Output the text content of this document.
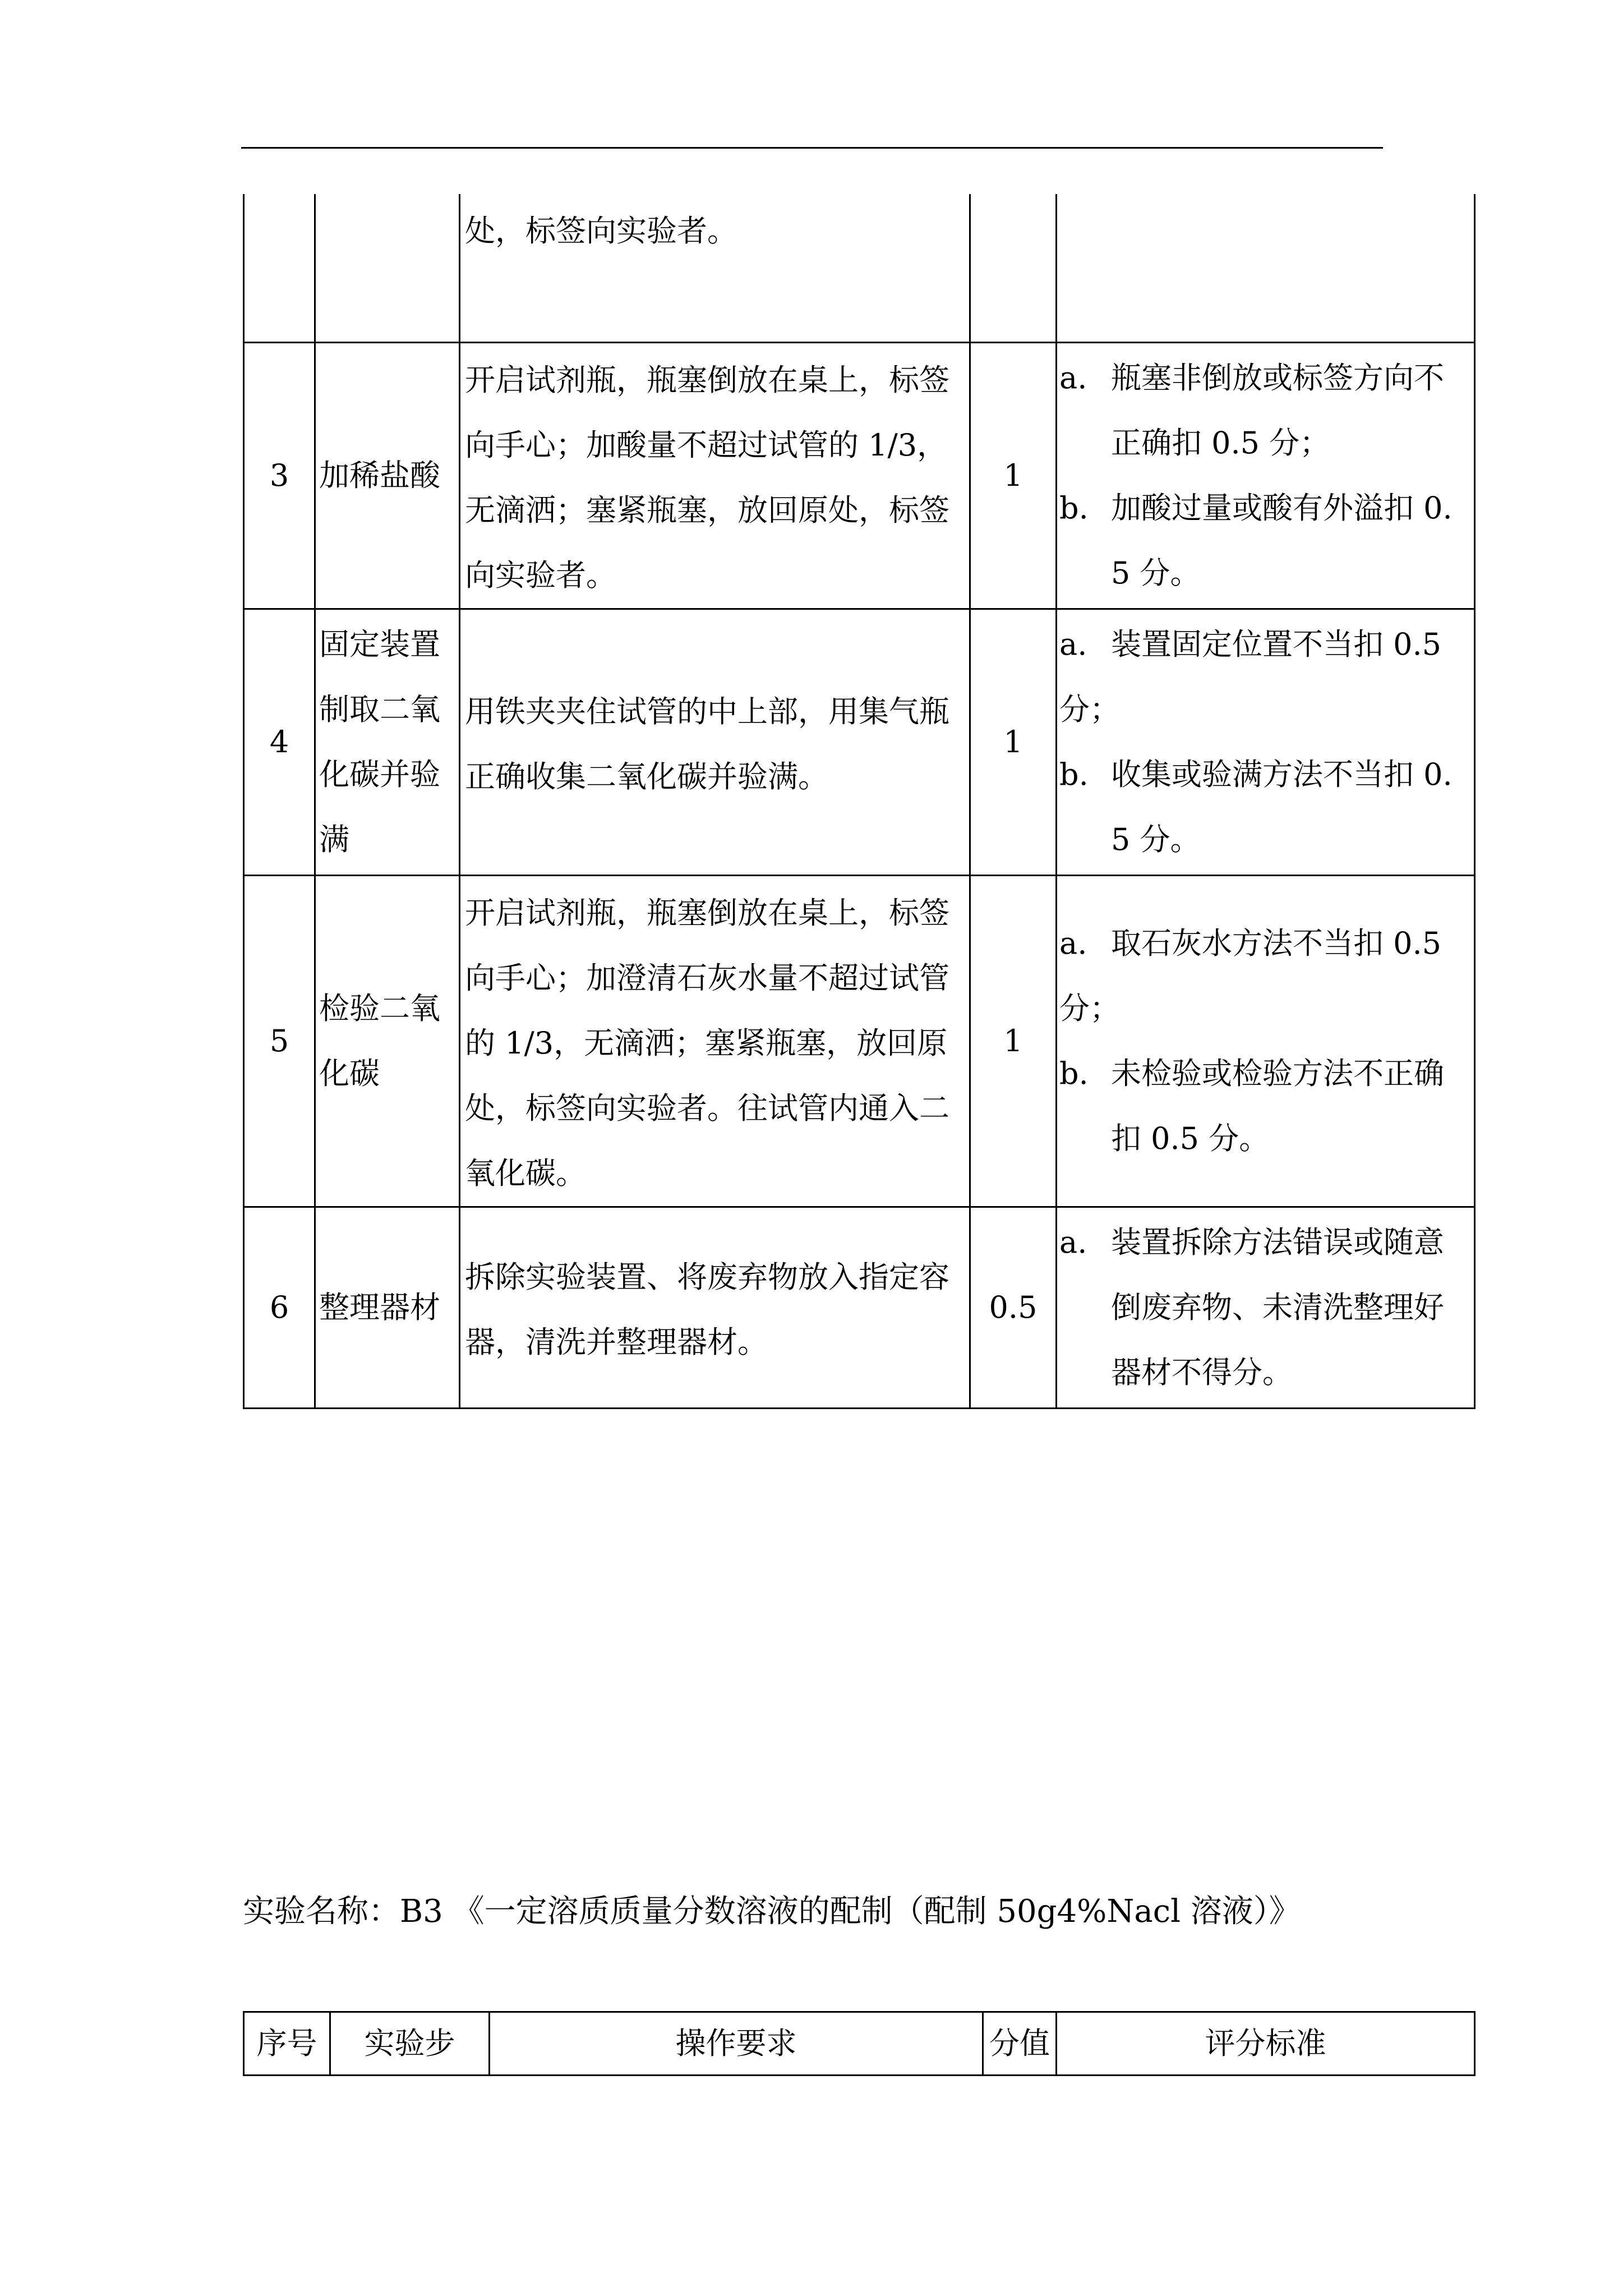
		处，标签向实验者。		
3	加稀盐酸	开启试剂瓶，瓶塞倒放在桌上，标签向手心；加酸量不超过试管的 1/3，无滴洒；塞紧瓶塞，放回原处，标签向实验者。	1	a. 瓶塞非倒放或标签方向不正确扣 0.5 分；
b. 加酸过量或酸有外溢扣 0.5 分。

4	固定装置制取二氧化碳并验满	用铁夹夹住试管的中上部，用集气瓶正确收集二氧化碳并验满。	1	a. 装置固定位置不当扣 0.5
分；
b. 收集或验满方法不当扣 0.5 分。

5	检验二氧化碳	开启试剂瓶，瓶塞倒放在桌上，标签向手心；加澄清石灰水量不超过试管的 1/3，无滴洒；塞紧瓶塞，放回原处，标签向实验者。往试管内通入二氧化碳。	1	a. 取石灰水方法不当扣 0.5
分；
b. 未检验或检验方法不正确扣 0.5 分。

6	整理器材	拆除实验装置、将废弃物放入指定容器，清洗并整理器材。	0.5	a. 装置拆除方法错误或随意倒废弃物、未清洗整理好器材不得分。
实验名称：B3 《一定溶质质量分数溶液的配制（配制 50g4%Nacl 溶液）》
序号	实验步	操作要求	分值	评分标准
